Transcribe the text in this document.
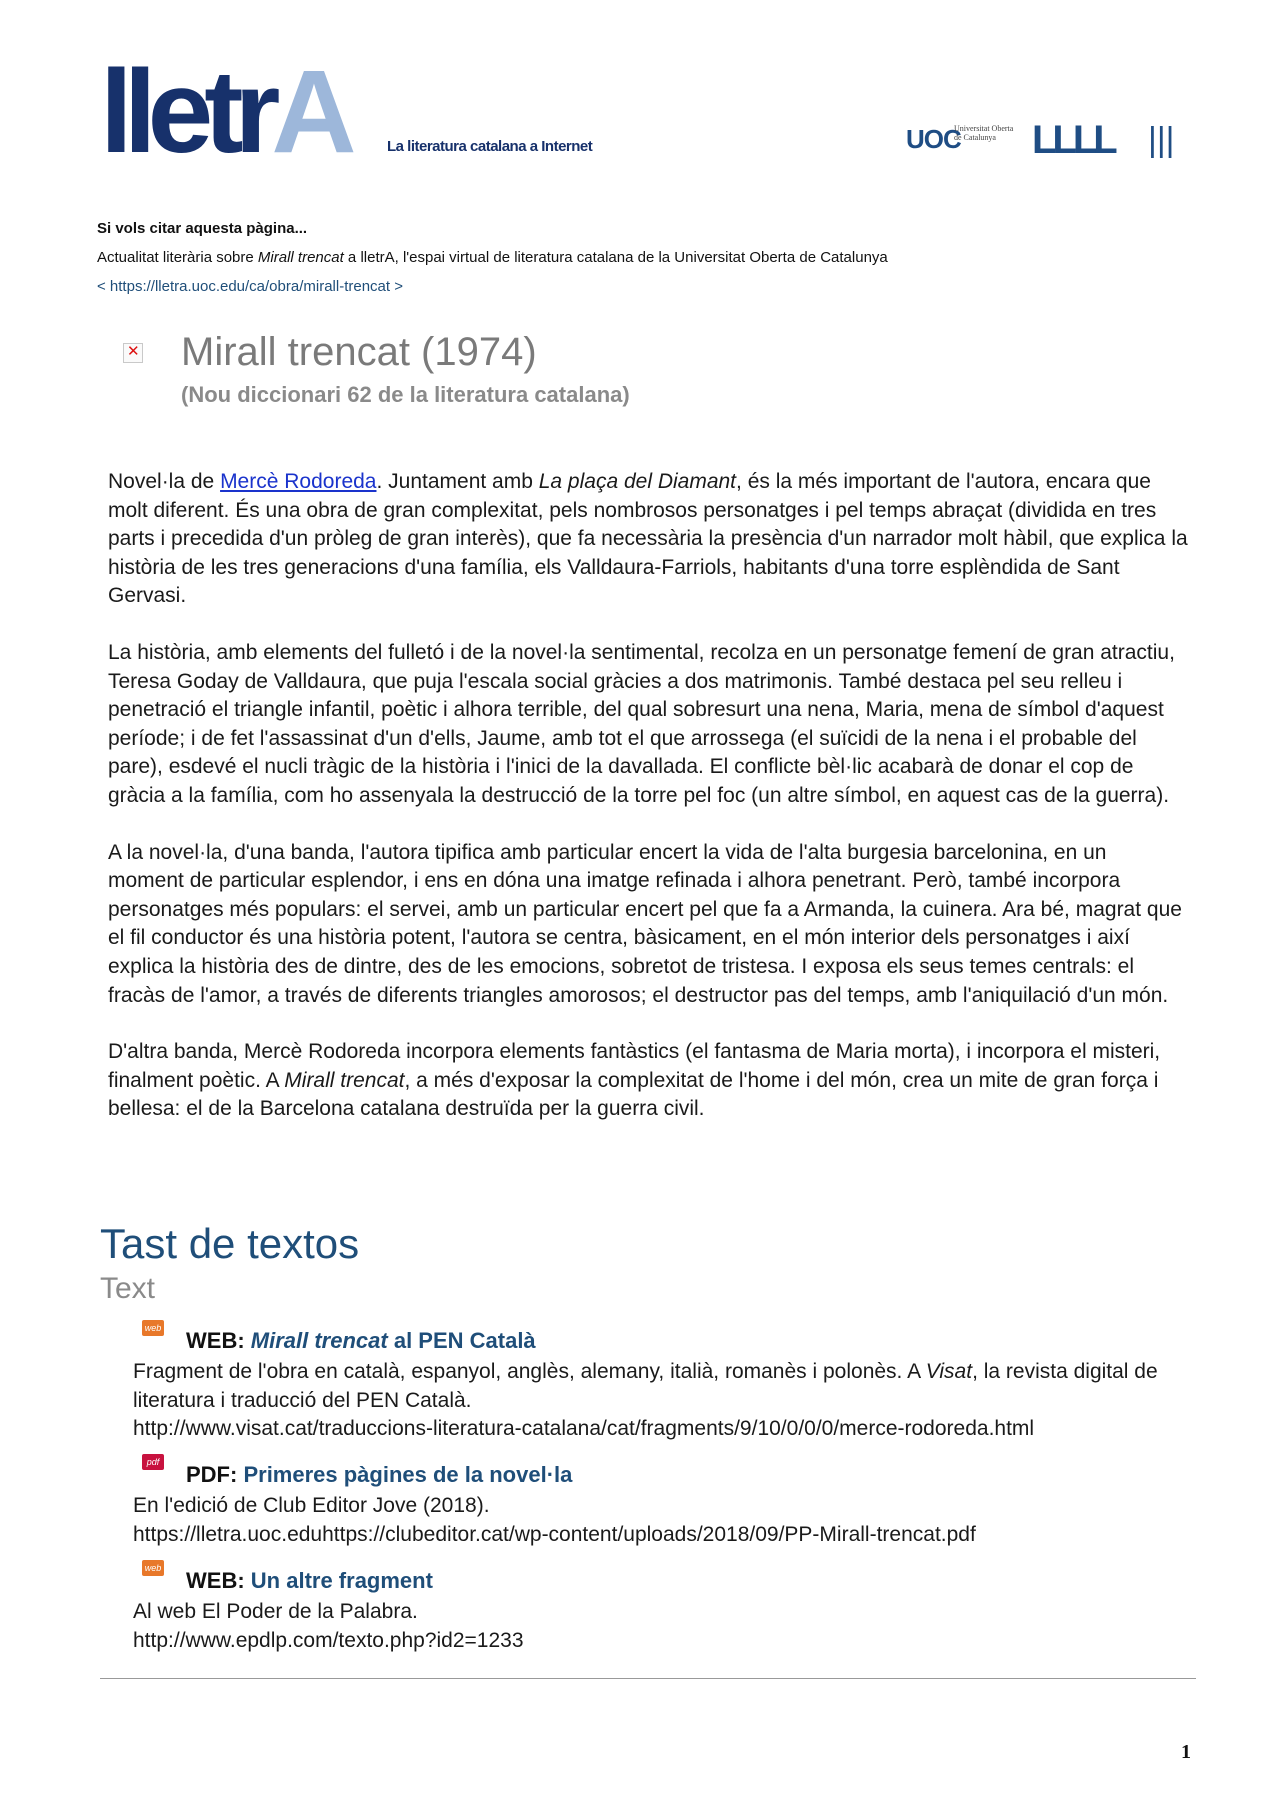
lletrA	La literatura catalana a Internet	UOC
Universitat Oberta de Catalunya LLLL |||
Si vols citar aquesta pàgina...
Actualitat literària sobre Mirall trencat a lletrA, l'espai virtual de literatura catalana de la Universitat Oberta de Catalunya
< https://lletra.uoc.edu/ca/obra/mirall-trencat >
✕ Mirall trencat (1974)
(Nou diccionari 62 de la literatura catalana)

Novel·la de Mercè Rodoreda. Juntament amb La plaça del Diamant, és la més important de l'autora, encara que molt diferent. És una obra de gran complexitat, pels nombrosos personatges i pel temps abraçat (dividida en tres parts i precedida d'un pròleg de gran interès), que fa necessària la presència d'un narrador molt hàbil, que explica la història de les tres generacions d'una família, els Valldaura-Farriols, habitants d'una torre esplèndida de Sant Gervasi.

La història, amb elements del fulletó i de la novel·la sentimental, recolza en un personatge femení de gran atractiu, Teresa Goday de Valldaura, que puja l'escala social gràcies a dos matrimonis. També destaca pel seu relleu i penetració el triangle infantil, poètic i alhora terrible, del qual sobresurt una nena, Maria, mena de símbol d'aquest període; i de fet l'assassinat d'un d'ells, Jaume, amb tot el que arrossega (el suïcidi de la nena i el probable del pare), esdevé el nucli tràgic de la història i l'inici de la davallada. El conflicte bèl·lic acabarà de donar el cop de gràcia a la família, com ho assenyala la destrucció de la torre pel foc (un altre símbol, en aquest cas de la guerra).

A la novel·la, d'una banda, l'autora tipifica amb particular encert la vida de l'alta burgesia barcelonina, en un moment de particular esplendor, i ens en dóna una imatge refinada i alhora penetrant. Però, també incorpora personatges més populars: el servei, amb un particular encert pel que fa a Armanda, la cuinera. Ara bé, magrat que el fil conductor és una història potent, l'autora se centra, bàsicament, en el món interior dels personatges i així explica la història des de dintre, des de les emocions, sobretot de tristesa. I exposa els seus temes centrals: el fracàs de l'amor, a través de diferents triangles amorosos; el destructor pas del temps, amb l'aniquilació d'un món.

D'altra banda, Mercè Rodoreda incorpora elements fantàstics (el fantasma de Maria morta), i incorpora el misteri, finalment poètic. A Mirall trencat, a més d'exposar la complexitat de l'home i del món, crea un mite de gran força i bellesa: el de la Barcelona catalana destruïda per la guerra civil.

Tast de textos
Text
web WEB: Mirall trencat al PEN Català
Fragment de l'obra en català, espanyol, anglès, alemany, italià, romanès i polonès. A Visat, la revista digital de literatura i traducció del PEN Català.
http://www.visat.cat/traduccions-literatura-catalana/cat/fragments/9/10/0/0/0/merce-rodoreda.html
pdf PDF: Primeres pàgines de la novel·la
En l'edició de Club Editor Jove (2018).
https://lletra.uoc.eduhttps://clubeditor.cat/wp-content/uploads/2018/09/PP-Mirall-trencat.pdf
web WEB: Un altre fragment
Al web El Poder de la Palabra.
http://www.epdlp.com/texto.php?id2=1233
1
